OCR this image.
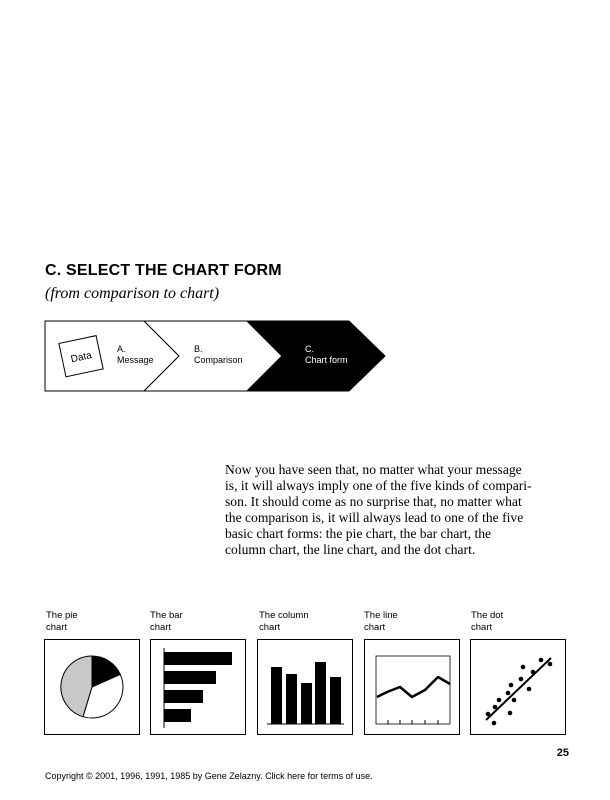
C. SELECT THE CHART FORM
(from comparison to chart)
Data
A.
Message
B.
Comparison
C.
Chart form
Now you have seen that, no matter what your message
is, it will always imply one of the five kinds of compari-
son. It should come as no surprise that, no matter what
the comparison is, it will always lead to one of the five
basic chart forms: the pie chart, the bar chart, the
column chart, the line chart, and the dot chart.
The pie
chart
The bar
chart
The column
chart
The line
chart
The dot
chart
25
Copyright © 2001, 1996, 1991, 1985 by Gene Zelazny. Click here for terms of use.
